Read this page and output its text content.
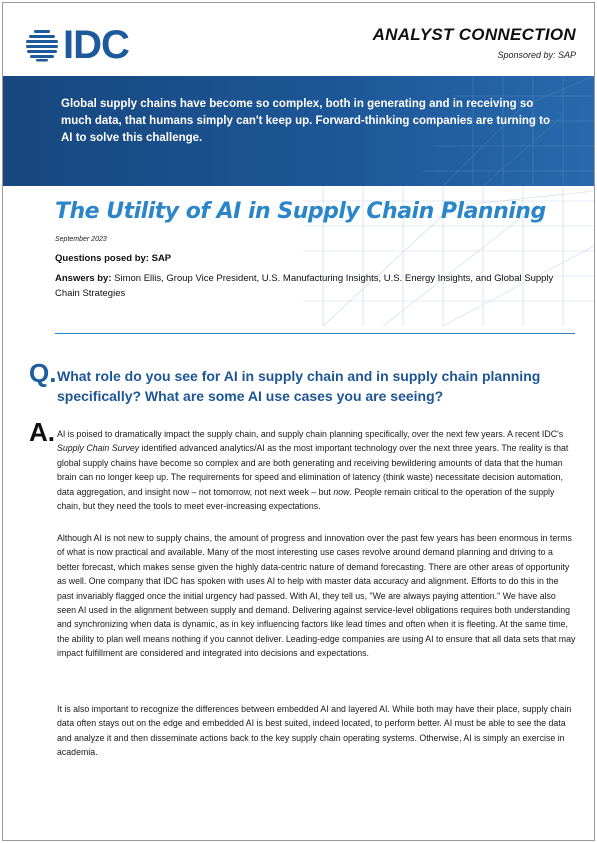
IDC	ANALYST CONNECTION
Sponsored by: SAP
Global supply chains have become so complex, both in generating and in receiving so much data, that humans simply can't keep up. Forward-thinking companies are turning to AI to solve this challenge.
The Utility of AI in Supply Chain Planning
September 2023
Questions posed by: SAP
Answers by: Simon Ellis, Group Vice President, U.S. Manufacturing Insights, U.S. Energy Insights, and Global Supply Chain Strategies
Q. What role do you see for AI in supply chain and in supply chain planning specifically? What are some AI use cases you are seeing?
A. AI is poised to dramatically impact the supply chain, and supply chain planning specifically, over the next few years. A recent IDC's Supply Chain Survey identified advanced analytics/AI as the most important technology over the next three years. The reality is that global supply chains have become so complex and are both generating and receiving bewildering amounts of data that the human brain can no longer keep up. The requirements for speed and elimination of latency (think waste) necessitate decision automation, data aggregation, and insight now – not tomorrow, not next week – but now. People remain critical to the operation of the supply chain, but they need the tools to meet ever-increasing expectations.
Although AI is not new to supply chains, the amount of progress and innovation over the past few years has been enormous in terms of what is now practical and available. Many of the most interesting use cases revolve around demand planning and driving to a better forecast, which makes sense given the highly data-centric nature of demand forecasting. There are other areas of opportunity as well. One company that IDC has spoken with uses AI to help with master data accuracy and alignment. Efforts to do this in the past invariably flagged once the initial urgency had passed. With AI, they tell us, "We are always paying attention." We have also seen AI used in the alignment between supply and demand. Delivering against service-level obligations requires both understanding and synchronizing when data is dynamic, as in key influencing factors like lead times and often when it is fleeting. At the same time, the ability to plan well means nothing if you cannot deliver. Leading-edge companies are using AI to ensure that all data sets that may impact fulfillment are considered and integrated into decisions and expectations.
It is also important to recognize the differences between embedded AI and layered AI. While both may have their place, supply chain data often stays out on the edge and embedded AI is best suited, indeed located, to perform better. AI must be able to see the data and analyze it and then disseminate actions back to the key supply chain operating systems. Otherwise, AI is simply an exercise in academia.
